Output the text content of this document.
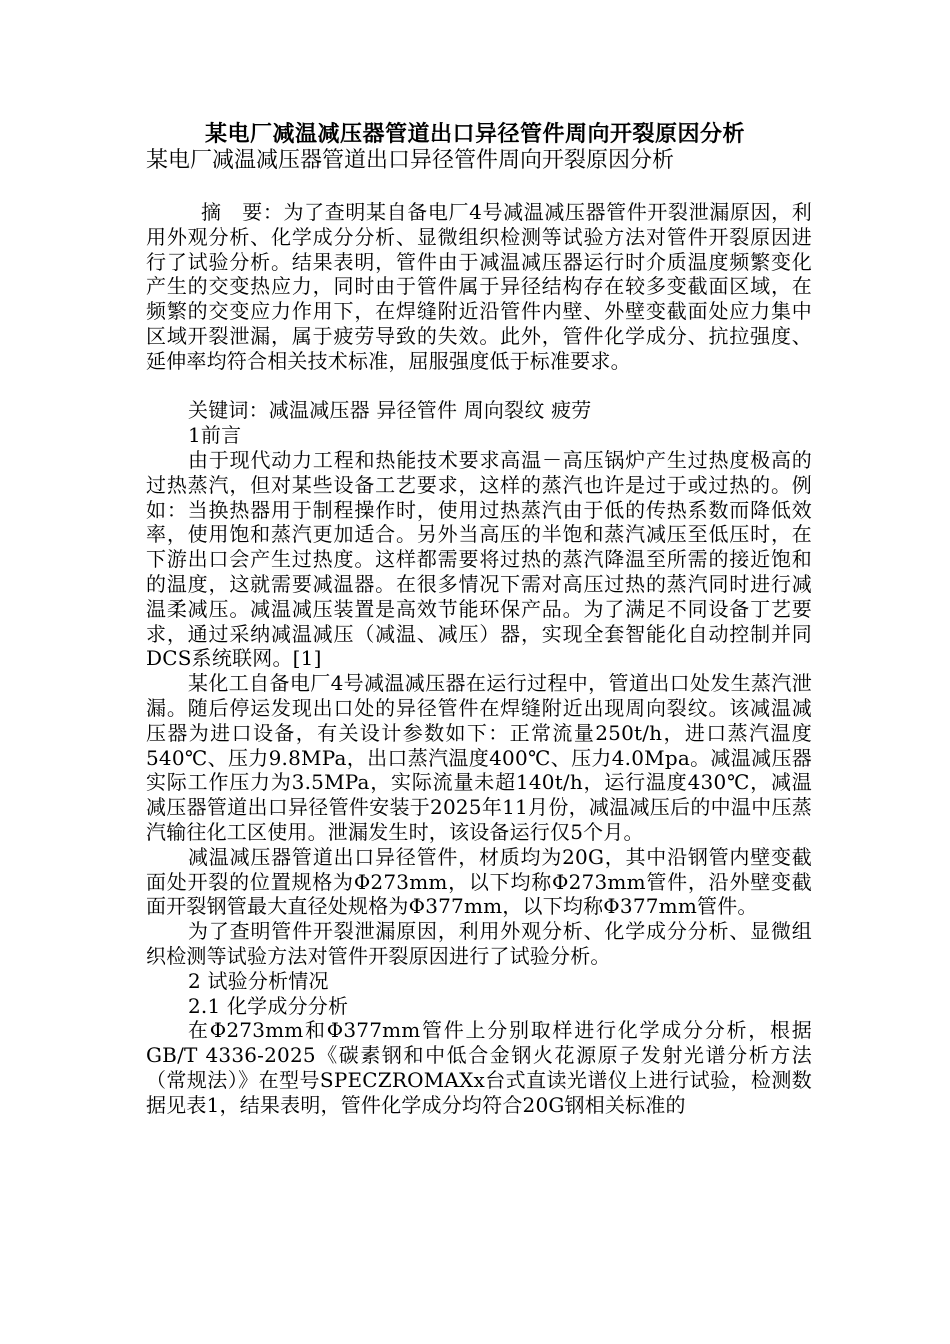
某电厂减温减压器管道出口异径管件周向开裂原因分析
某电厂减温减压器管道出口异径管件周向开裂原因分析

摘　要：为了查明某自备电厂4号减温减压器管件开裂泄漏原因，利用外观分析、化学成分分析、显微组织检测等试验方法对管件开裂原因进行了试验分析。结果表明，管件由于减温减压器运行时介质温度频繁变化产生的交变热应力，同时由于管件属于异径结构存在较多变截面区域，在频繁的交变应力作用下，在焊缝附近沿管件内壁、外壁变截面处应力集中区域开裂泄漏，属于疲劳导致的失效。此外，管件化学成分、抗拉强度、延伸率均符合相关技术标准，屈服强度低于标准要求。

关键词：减温减压器 异径管件 周向裂纹 疲劳

1前言

由于现代动力工程和热能技术要求高温－高压锅炉产生过热度极高的过热蒸汽，但对某些设备工艺要求，这样的蒸汽也许是过于或过热的。例如：当换热器用于制程操作时，使用过热蒸汽由于低的传热系数而降低效率，使用饱和蒸汽更加适合。另外当高压的半饱和蒸汽减压至低压时，在下游出口会产生过热度。这样都需要将过热的蒸汽降温至所需的接近饱和的温度，这就需要减温器。在很多情况下需对高压过热的蒸汽同时进行减温柔减压。减温减压装置是高效节能环保产品。为了满足不同设备丁艺要求，通过采纳减温减压（减温、减压）器，实现全套智能化自动控制并同DCS系统联网。[1]

某化工自备电厂4号减温减压器在运行过程中，管道出口处发生蒸汽泄漏。随后停运发现出口处的异径管件在焊缝附近出现周向裂纹。该减温减压器为进口设备，有关设计参数如下：正常流量250t/h，进口蒸汽温度540℃、压力9.8MPa，出口蒸汽温度400℃、压力4.0Mpa。减温减压器实际工作压力为3.5MPa，实际流量未超140t/h，运行温度430℃，减温减压器管道出口异径管件安装于2025年11月份，减温减压后的中温中压蒸汽输往化工区使用。泄漏发生时，该设备运行仅5个月。

减温减压器管道出口异径管件，材质均为20G，其中沿钢管内壁变截面处开裂的位置规格为Φ273mm，以下均称Φ273mm管件，沿外壁变截面开裂钢管最大直径处规格为Φ377mm，以下均称Φ377mm管件。

为了查明管件开裂泄漏原因，利用外观分析、化学成分分析、显微组织检测等试验方法对管件开裂原因进行了试验分析。

2 试验分析情况

2.1 化学成分分析

在Φ273mm和Φ377mm管件上分别取样进行化学成分分析，根据GB/T 4336-2025《碳素钢和中低合金钢火花源原子发射光谱分析方法（常规法）》在型号SPECZROMAXx台式直读光谱仪上进行试验，检测数据见表1，结果表明，管件化学成分均符合20G钢相关标准的
